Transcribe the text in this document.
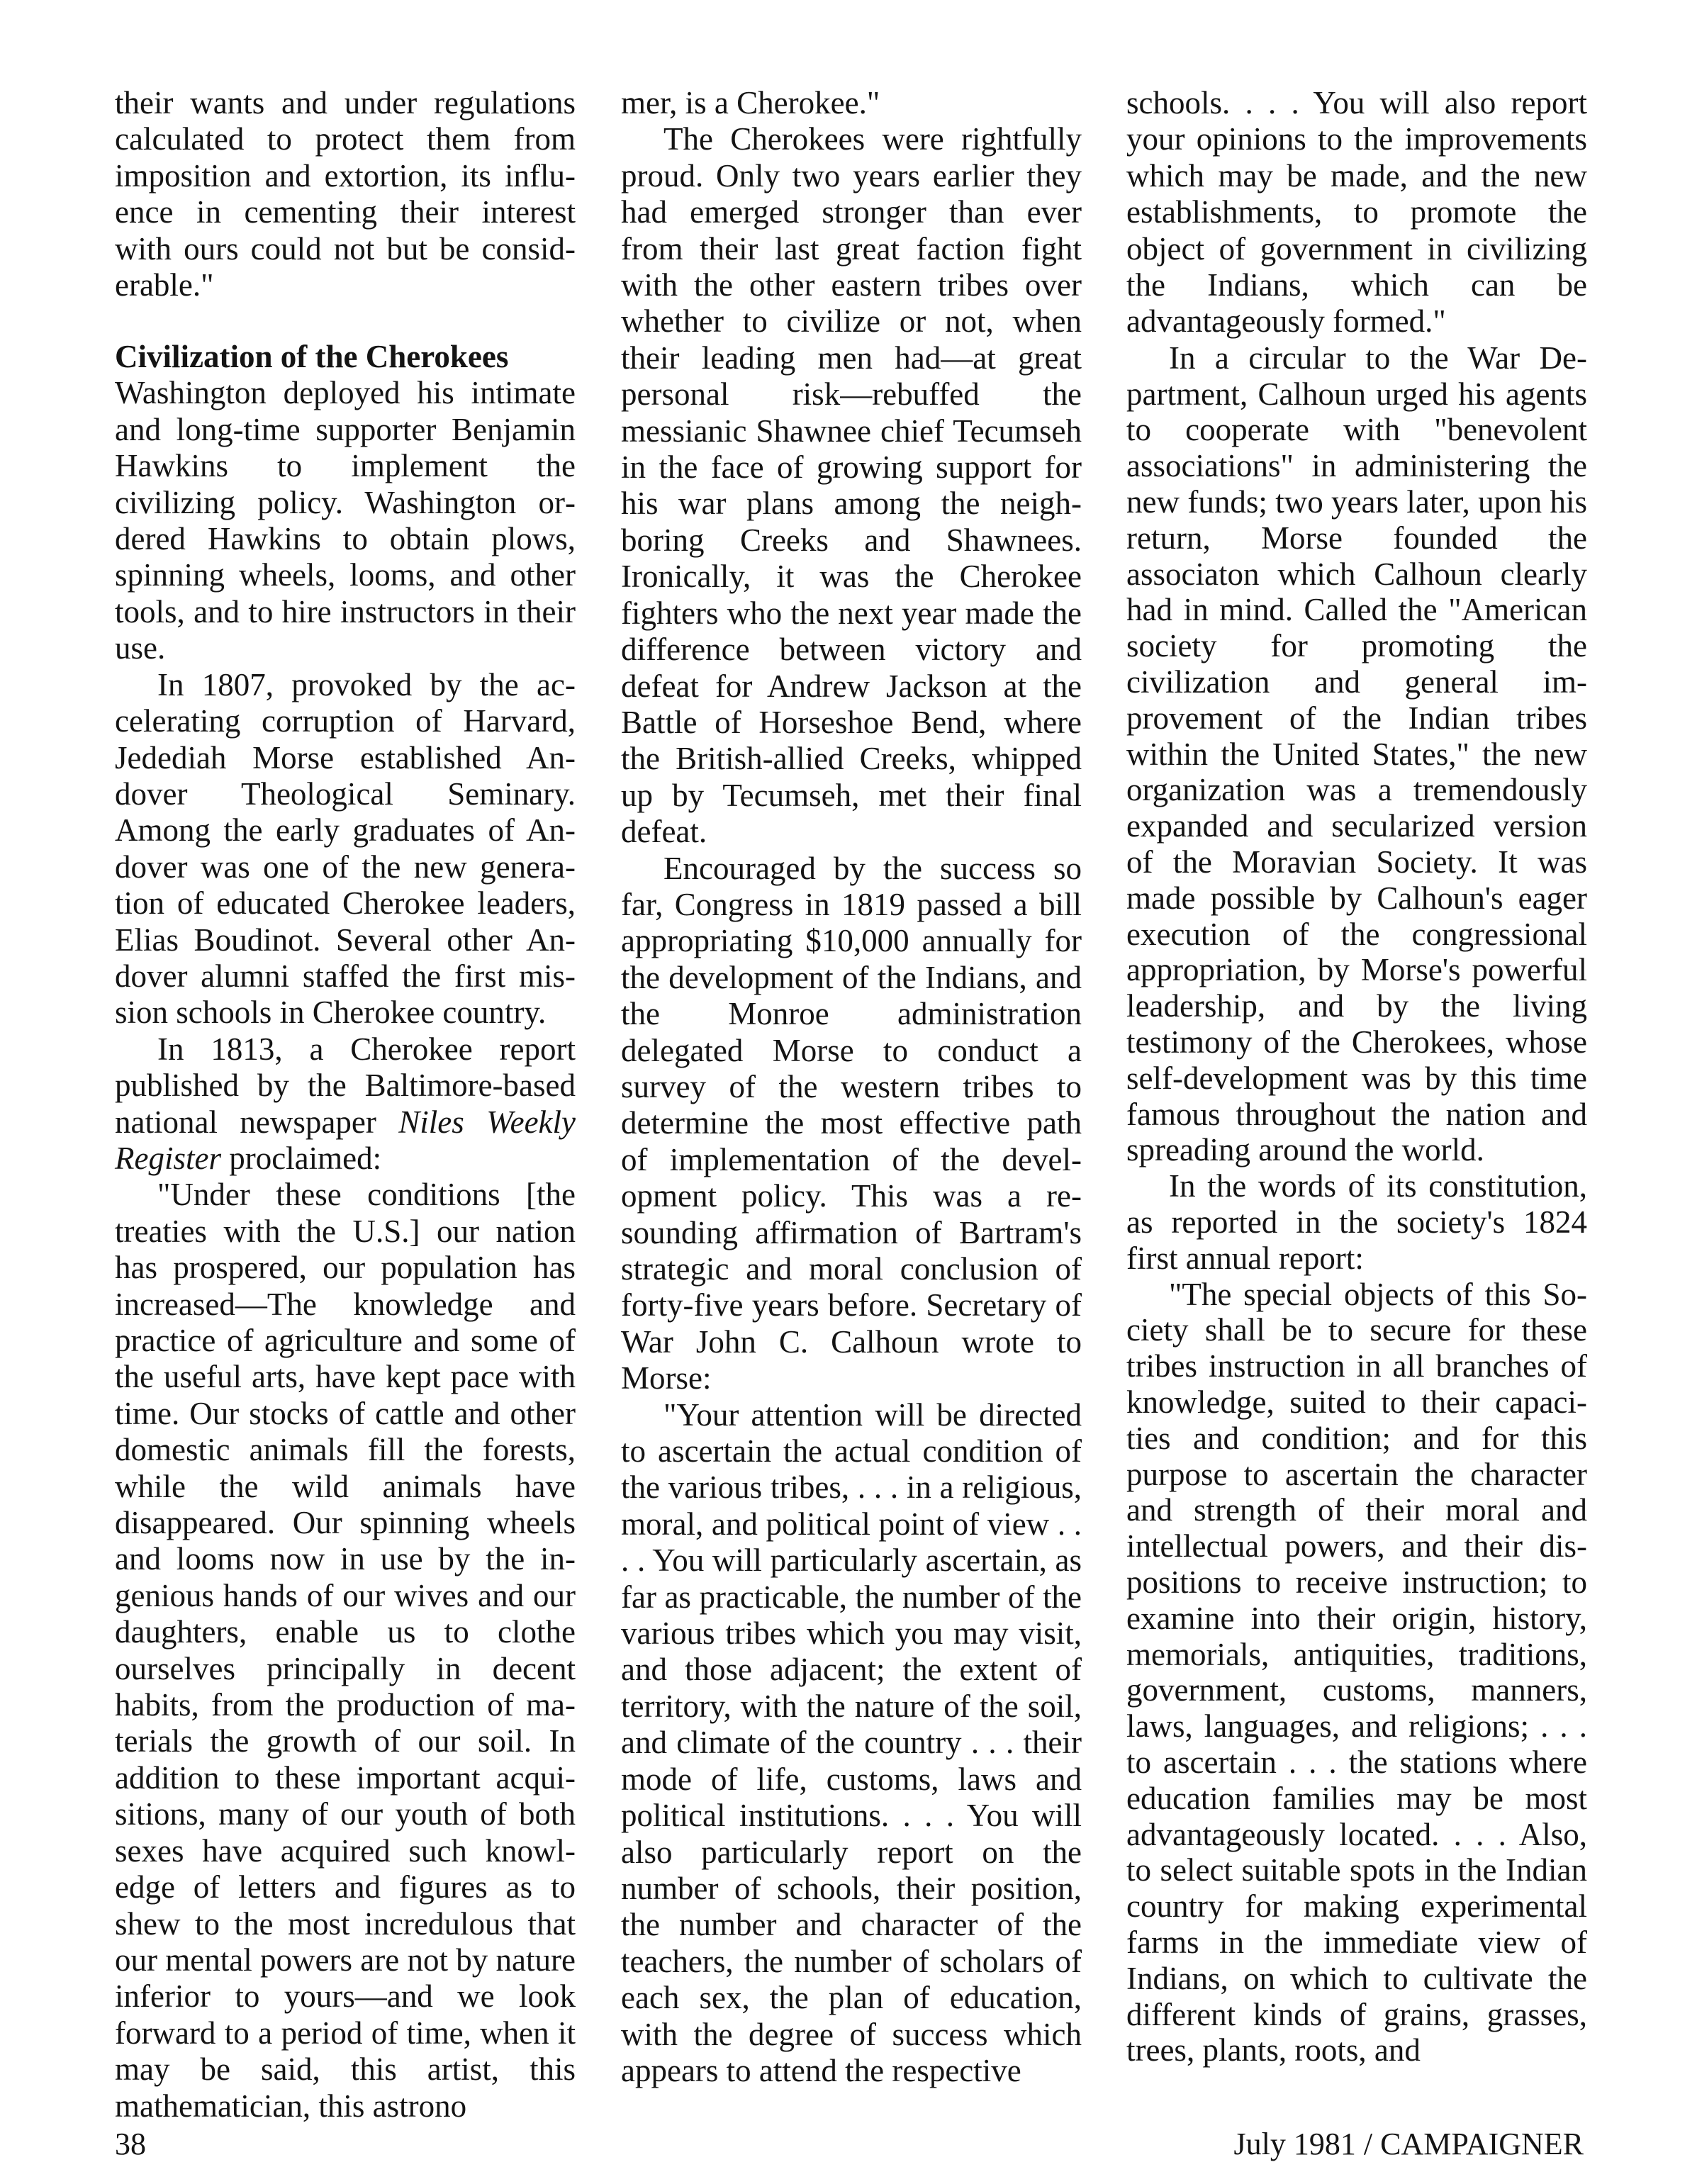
their wants and under regulations calculated to protect them from imposition and extortion, its influence in cementing their interest with ours could not but be considerable."

Civilization of the Cherokees

Washington deployed his intimate and long-time supporter Benjamin Hawkins to implement the civilizing policy. Washington ordered Hawkins to obtain plows, spinning wheels, looms, and other tools, and to hire instructors in their use.

In 1807, provoked by the accelerating corruption of Harvard, Jedediah Morse established Andover Theological Seminary. Among the early graduates of Andover was one of the new generation of educated Cherokee leaders, Elias Boudinot. Several other Andover alumni staffed the first mission schools in Cherokee country.

In 1813, a Cherokee report published by the Baltimore-based national newspaper Niles Weekly Register proclaimed:

"Under these conditions [the treaties with the U.S.] our nation has prospered, our population has increased—The knowledge and practice of agriculture and some of the useful arts, have kept pace with time. Our stocks of cattle and other domestic animals fill the forests, while the wild animals have disappeared. Our spinning wheels and looms now in use by the ingenious hands of our wives and our daughters, enable us to clothe ourselves principally in decent habits, from the production of materials the growth of our soil. In addition to these important acquisitions, many of our youth of both sexes have acquired such knowledge of letters and figures as to shew to the most incredulous that our mental powers are not by nature inferior to yours—and we look forward to a period of time, when it may be said, this artist, this mathematician, this astrono

mer, is a Cherokee."

The Cherokees were rightfully proud. Only two years earlier they had emerged stronger than ever from their last great faction fight with the other eastern tribes over whether to civilize or not, when their leading men had—at great personal risk—rebuffed the messianic Shawnee chief Tecumseh in the face of growing support for his war plans among the neighboring Creeks and Shawnees. Ironically, it was the Cherokee fighters who the next year made the difference between victory and defeat for Andrew Jackson at the Battle of Horseshoe Bend, where the British-allied Creeks, whipped up by Tecumseh, met their final defeat.

Encouraged by the success so far, Congress in 1819 passed a bill appropriating $10,000 annually for the development of the Indians, and the Monroe administration delegated Morse to conduct a survey of the western tribes to determine the most effective path of implementation of the development policy. This was a resounding affirmation of Bartram's strategic and moral conclusion of forty-five years before. Secretary of War John C. Calhoun wrote to Morse:

"Your attention will be directed to ascertain the actual condition of the various tribes, . . . in a religious, moral, and political point of view . . . . You will particularly ascertain, as far as practicable, the number of the various tribes which you may visit, and those adjacent; the extent of territory, with the nature of the soil, and climate of the country . . . their mode of life, customs, laws and political institutions. . . . You will also particularly report on the number of schools, their position, the number and character of the teachers, the number of scholars of each sex, the plan of education, with the degree of success which appears to attend the respective

schools. . . . You will also report your opinions to the improvements which may be made, and the new establishments, to promote the object of government in civilizing the Indians, which can be advantageously formed."

In a circular to the War Department, Calhoun urged his agents to cooperate with "benevolent associations" in administering the new funds; two years later, upon his return, Morse founded the associaton which Calhoun clearly had in mind. Called the "American society for promoting the civilization and general improvement of the Indian tribes within the United States," the new organization was a tremendously expanded and secularized version of the Moravian Society. It was made possible by Calhoun's eager execution of the congressional appropriation, by Morse's powerful leadership, and by the living testimony of the Cherokees, whose self-development was by this time famous throughout the nation and spreading around the world.

In the words of its constitution, as reported in the society's 1824 first annual report:

"The special objects of this Society shall be to secure for these tribes instruction in all branches of knowledge, suited to their capacities and condition; and for this purpose to ascertain the character and strength of their moral and intellectual powers, and their dispositions to receive instruction; to examine into their origin, history, memorials, antiquities, traditions, government, customs, manners, laws, languages, and religions; . . . to ascertain . . . the stations where education families may be most advantageously located. . . . Also, to select suitable spots in the Indian country for making experimental farms in the immediate view of Indians, on which to cultivate the different kinds of grains, grasses, trees, plants, roots, and

38	July 1981 / CAMPAIGNER
